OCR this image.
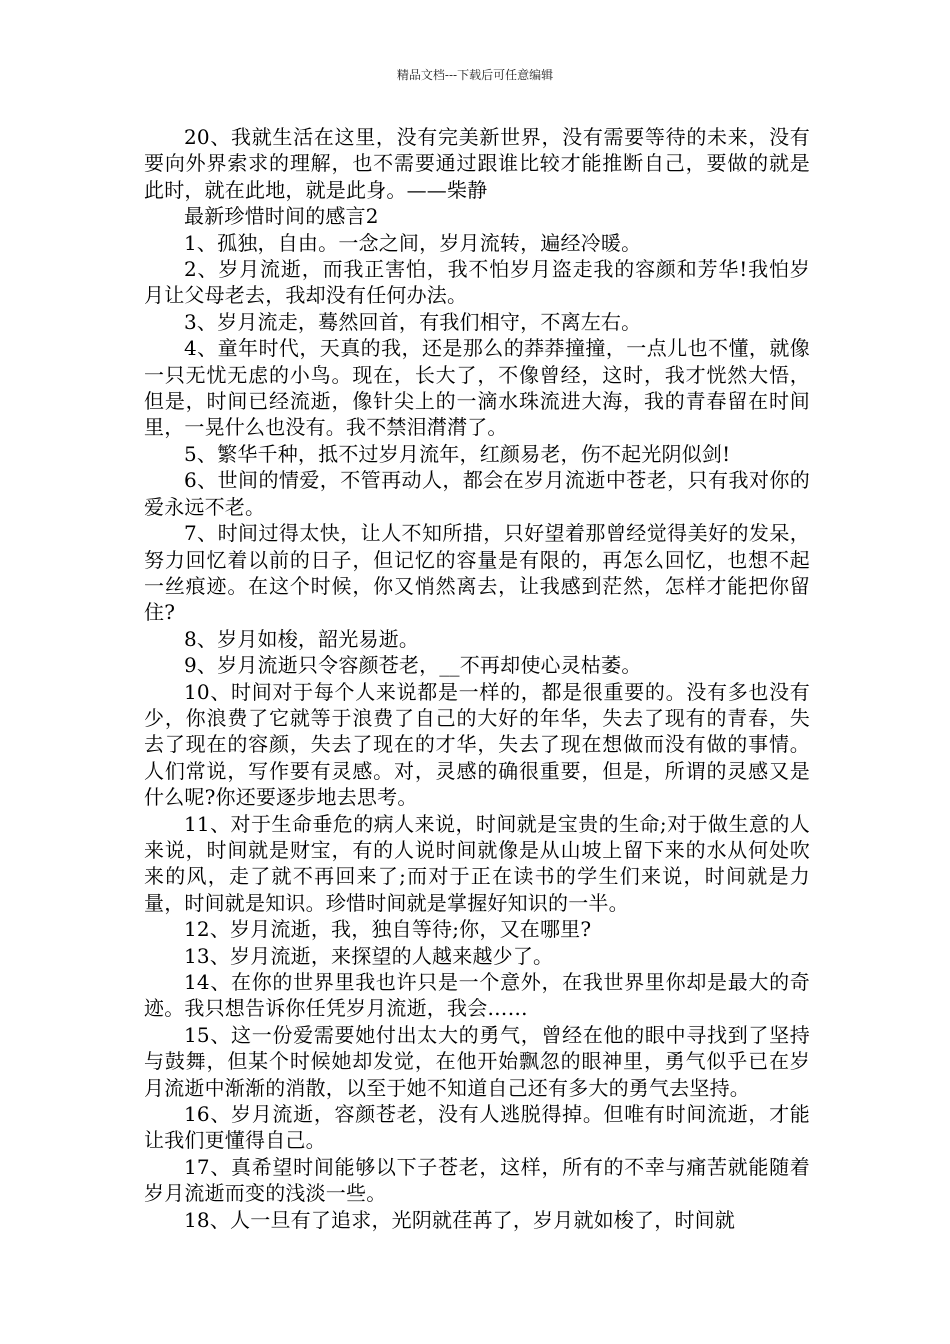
精品文档---下载后可任意编辑

20、我就生活在这里，没有完美新世界，没有需要等待的未来，没有要向外界索求的理解，也不需要通过跟谁比较才能推断自己，要做的就是此时，就在此地，就是此身。——柴静

最新珍惜时间的感言2

1、孤独，自由。一念之间，岁月流转，遍经冷暖。

2、岁月流逝，而我正害怕，我不怕岁月盗走我的容颜和芳华!我怕岁月让父母老去，我却没有任何办法。

3、岁月流走，蓦然回首，有我们相守，不离左右。

4、童年时代，天真的我，还是那么的莽莽撞撞，一点儿也不懂，就像一只无忧无虑的小鸟。现在，长大了，不像曾经，这时，我才恍然大悟，但是，时间已经流逝，像针尖上的一滴水珠流进大海，我的青春留在时间里，一晃什么也没有。我不禁泪潸潸了。

5、繁华千种，抵不过岁月流年，红颜易老，伤不起光阴似剑!

6、世间的情爱，不管再动人，都会在岁月流逝中苍老，只有我对你的爱永远不老。

7、时间过得太快，让人不知所措，只好望着那曾经觉得美好的发呆，努力回忆着以前的日子，但记忆的容量是有限的，再怎么回忆，也想不起一丝痕迹。在这个时候，你又悄然离去，让我感到茫然，怎样才能把你留住?

8、岁月如梭，韶光易逝。

9、岁月流逝只令容颜苍老，__不再却使心灵枯萎。

10、时间对于每个人来说都是一样的，都是很重要的。没有多也没有少，你浪费了它就等于浪费了自己的大好的年华，失去了现有的青春，失去了现在的容颜，失去了现在的才华，失去了现在想做而没有做的事情。人们常说，写作要有灵感。对，灵感的确很重要，但是，所谓的灵感又是什么呢?你还要逐步地去思考。

11、对于生命垂危的病人来说，时间就是宝贵的生命;对于做生意的人来说，时间就是财宝，有的人说时间就像是从山坡上留下来的水从何处吹来的风，走了就不再回来了;而对于正在读书的学生们来说，时间就是力量，时间就是知识。珍惜时间就是掌握好知识的一半。

12、岁月流逝，我，独自等待;你，又在哪里?

13、岁月流逝，来探望的人越来越少了。

14、在你的世界里我也许只是一个意外，在我世界里你却是最大的奇迹。我只想告诉你任凭岁月流逝，我会……

15、这一份爱需要她付出太大的勇气，曾经在他的眼中寻找到了坚持与鼓舞，但某个时候她却发觉，在他开始飘忽的眼神里，勇气似乎已在岁月流逝中渐渐的消散，以至于她不知道自己还有多大的勇气去坚持。

16、岁月流逝，容颜苍老，没有人逃脱得掉。但唯有时间流逝，才能让我们更懂得自己。

17、真希望时间能够以下子苍老，这样，所有的不幸与痛苦就能随着岁月流逝而变的浅淡一些。

18、人一旦有了追求，光阴就荏苒了，岁月就如梭了，时间就
